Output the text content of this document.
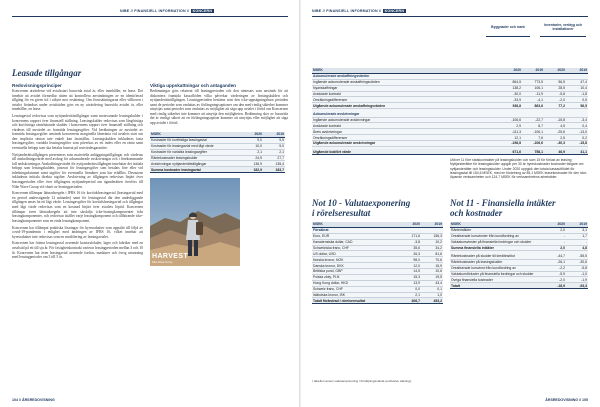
NIBE // FINANSIELL INFORMATION // KONCERN
Leasade tillgångar
Redovisningsprinciper

Koncernen utvärderar vid avtalsstart huruvida avtal är, eller innehåller, en lease. Det innebär att avtalet förmedlar rätten att kontrollera användningen av en identifierad tillgång för en given tid i utbyte mot ersättning. Om förutsättningarna eller villkoren i avtalet förändras under avtalstiden görs en ny utvärdering huruvida avtalet är, eller innehåller, en lease.

Leasingavtal redovisas som nyttjanderättstillgångar samt motsvarande leasingskulder i koncernens rapport över finansiell ställning. Leasingskulder redovisas som långfristiga och kortfristiga räntebärande skulder i koncernens rapport över finansiell ställning och värderas till nuvärdet av framtida leasingavgifter. Vid beräkningen av nuvärdet av framtida leasingavgifter används koncernens marginella låneränta vid avtalets start om den implicita räntan inte enkelt kan fastställas. Leasingskulden inkluderas fasta leasingavgifter, variabla leasingavgifter som påverkas av ett index eller en ränta samt eventuella belopp som ska betalas baserat på restvärdesgarantier.

Nyttjanderättstillgången presenteras som materiella anläggningstillgångar och värderas till anskaffningsvärde med avdrag för ackumulerade avskrivningar och i förekommande fall nedskrivningar. Anskaffningsvärdet för nyttjanderättstillgången innefattar det initiala belopp som leasingskulden, justerat för leasingavgifter som betalats före eller vid inledningsdatumet samt utgifter för eventuella förmåner som har erhållits. Dessutom inkluderas initiala direkta utgifter. Avskrivning av tillgången redovisas linjärt över leasingperioden eller över tillgångens nyttjandeperiod om äganderätten överförs till Nibe Wave Group vid slutet av leasingperioden.

Koncernen tillämpar lättnadsregeln i IFRS 16 för korttidsleasingavtal (leasingavtal med en period understigande 12 månader) samt för leasingavtal där den underliggande tillgången anses ha ett lågt värde. Leasingavgifter för korttidsleasingavtal och tillgångar med lågt värde redovisas som en kostnad linjärt över avtalets löptid. Koncernen tillämpar även lättnadsregeln att inte särskilja icke-leasingkomponenter från leasingkomponenter, och redovisar istället varje leasingkomponent och tillhörande icke-leasingkomponenter som en enda leasingkomponent.

Koncernen har tillämpat praktiska lösningar för hyresrabatter som uppstått till följd av covid-19-pandemin i enlighet med ändringen av IFRS 16, vilket innebär att hyresrabatter inte redovisas som en modifiering av leasingavtalet.

Koncernen har främst leasingavtal avseende kontorslokaler, lager och fabriker med en avtalstid på ett till sju år. För fastighetskontrakt varierar leasingperioden mellan 3 och 10 år. Koncernen har även leasingavtal avseende fordon, maskiner och övrig utrustning med leasingperioder om 3 till 5 år.

Viktiga uppskattningar och antaganden

Bedömningar görs relaterat till leasingperioden och den räntesats som används för att diskontera framtida kassaflöden vilka påverkar värderingen av leasingskulden och nyttjanderättstillgången. Leasingperioden bestäms som den icke-uppsägningsbara perioden samt de perioder som omfattas av förlängningsoptioner om den med rimlig säkerhet kommer utnyttjas samt perioder som omfattas av möjlighet att säga upp avtalet i förtid om Koncernen med rimlig säkerhet inte kommer att utnyttja den möjligheten. Bedömning sker av huruvida det är rimligt säkert att en förlängningsoption kommer att utnyttjas eller möjlighet att säga upp avtalet i förtid.

MSEK	2020	2019
Kostnader för kortfristiga leasingavtal	9,0	9,5
Kostnader för leasingavtal med lågt värde	10,0	9,0
Kostnader för variabla leasingavgifter	2,1	2,1
Räntekostnader leasingskulder	24,9	27,7
Avskrivningar nyttjanderättstillgångar	136,9	135,4
Summa kostnader leasingavtal	182,9	183,7
HARVEST
Nibe Wave Group
104 // ÅRSREDOVISNING
NIBE // FINANSIELL INFORMATION // KONCERN
Byggnader och mark	Inventarier, verktyg och installationer
MSEK	2020	2019	2020	2019
Ackumulerade anskaffningsvärden				
Ingående ackumulerade anskaffningsvärden	864,5	773,5	56,5	47,4
Nyanskaffningar	138,2	106,1	28,5	10,4
Avslutade kontrakt	-30,0	-11,9	-5,8	-1,8
Omräkningsdifferenser	-33,9	-4,1	-2,0	0,5
Utgående ackumulerade anskaffningsvärden	938,8	863,6	77,2	56,5

Ackumulerade avskrivningar				
Ingående ackumulerade avskrivningar	-106,6	-22,7	-15,8	-3,4
Avslutade kontrakt	2,9	8,7	4,5	0,4
Årets avskrivningar	-111,3	-106,1	-25,6	-13,0
Omräkningsdifferenser	12,1	7,6	2,5	0,2
Utgående ackumulerade avskrivningar	-198,8	-106,6	-30,3	-15,8

Utgående bokfört värde	671,6	758,1	46,9	41,1
Not 10 - Valutaexponering
i rörelseresultat
MSEK	2020	2019
Försäkrat		
Euro, EUR	171,6	156,3
Kanadensiska dollar, CAD	-3,8	10,2
Schweiziska franc, CHF	35,6	34,2
US dollar, USD	26,3	81,6
Norska kronor, NOK	98,0	70,6
Danska kronor, DKK	12,0	15,9
Brittiska pund, GBP	14,5	10,6
Polska zloty, PLN	15,3	19,5
Hong Kong dollar, HKD	13,9	43,4
Schweiz franc, CHF	0,0	0,1
Isländska kronor, ISK	2,1	1,0
Totalt förändrad i rörelseresultat	406,7	453,2
I tabellen anses valutaexponering i försäljningsvaluta (exklusive säkring).
Utöver 11 före statskontrakter på leasingskulder och som 15 för förlust av leasing Nyttjanderätter för leasingskulder uppgår per 30 är hyreskostnader kostnader tidigare om nyttjanderätter och leasingskulder. Under 2020 uppgick den totala kassautflödet för leasingavtal till 154,6 MSEK, med en fördelning av 85,1 MSEK leasekostnader för den icke-löpande verksamheten och 124,7 MSEK för verksamhetens arbetstider.
Not 11 - Finansiella intäkter
och kostnader
MSEK	2020	2019
Ränteintäkter	2,0	3,1
Orealiserade kursvinster från kundfordring av	-	1,7
Valutakursvinster på finansiella fordringar och skulder	-	-
Summa finansiella intäkter	2,0	4,8

Räntekostnader på skulder till kreditinstitut	-44,7	-55,5
Räntekostnader på leasingskulder	-26,1	-30,6
Orealiserade kursvinst från kundfordring av	-2,2	-5,8
Valutakursförluster på finansiella fordringar och skulder	-5,9	-1,0
Övriga finansiella kostnader	-2,0	-1,9
Totalt	-18,9	-93,3
ÅRSREDOVISNING // 105
